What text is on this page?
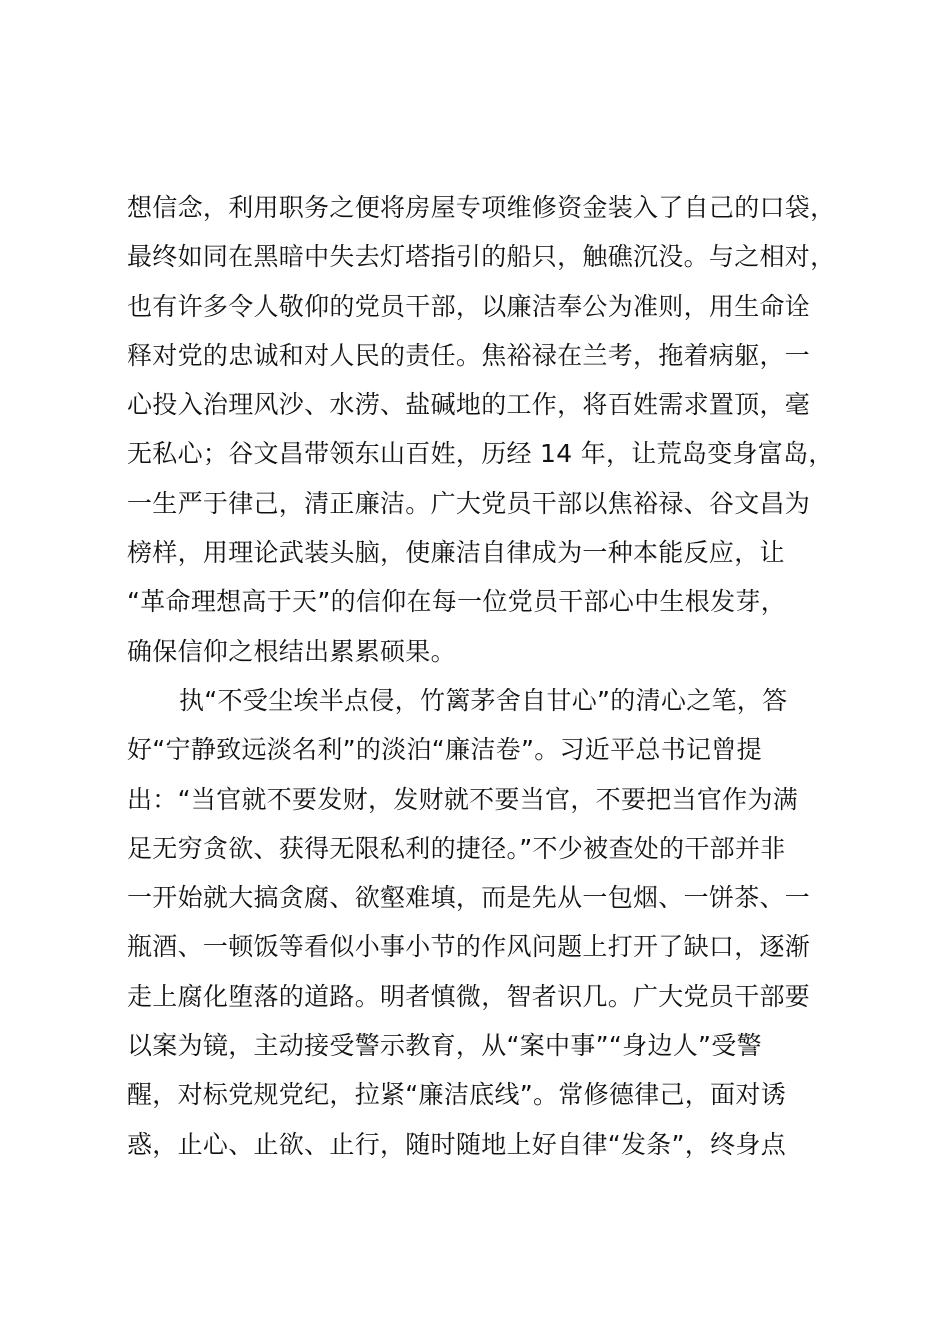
想信念，利用职务之便将房屋专项维修资金装入了自己的口袋，
最终如同在黑暗中失去灯塔指引的船只，触礁沉没。与之相对，
也有许多令人敬仰的党员干部，以廉洁奉公为准则，用生命诠
释对党的忠诚和对人民的责任。焦裕禄在兰考，拖着病躯，一
心投入治理风沙、水涝、盐碱地的工作，将百姓需求置顶，毫
无私心；谷文昌带领东山百姓，历经 14 年，让荒岛变身富岛，
一生严于律己，清正廉洁。广大党员干部以焦裕禄、谷文昌为
榜样，用理论武装头脑，使廉洁自律成为一种本能反应，让
“革命理想高于天”的信仰在每一位党员干部心中生根发芽，
确保信仰之根结出累累硕果。
执“不受尘埃半点侵，竹篱茅舍自甘心”的清心之笔，答
好“宁静致远淡名利”的淡泊“廉洁卷”。习近平总书记曾提
出：“当官就不要发财，发财就不要当官，不要把当官作为满
足无穷贪欲、获得无限私利的捷径。”不少被查处的干部并非
一开始就大搞贪腐、欲壑难填，而是先从一包烟、一饼茶、一
瓶酒、一顿饭等看似小事小节的作风问题上打开了缺口，逐渐
走上腐化堕落的道路。明者慎微，智者识几。广大党员干部要
以案为镜，主动接受警示教育，从“案中事”“身边人”受警
醒，对标党规党纪，拉紧“廉洁底线”。常修德律己，面对诱
惑，止心、止欲、止行，随时随地上好自律“发条”，终身点
